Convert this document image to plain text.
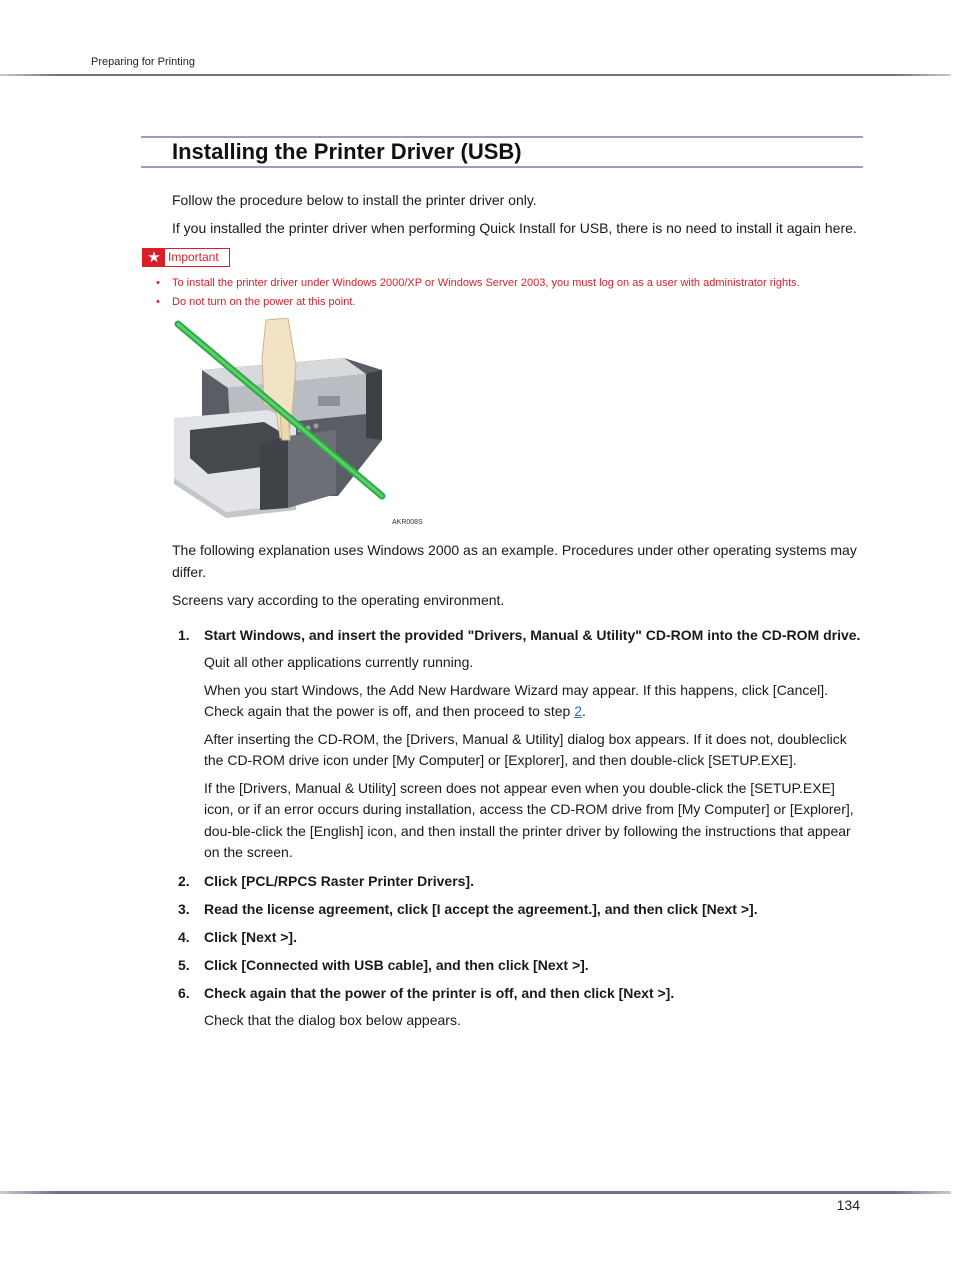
Preparing for Printing
Installing the Printer Driver (USB)

Follow the procedure below to install the printer driver only.

If you installed the printer driver when performing Quick Install for USB, there is no need to install it again here.

★ Important
• To install the printer driver under Windows 2000/XP or Windows Server 2003, you must log on as a user with administrator rights.
• Do not turn on the power at this point.
AKR008S

The following explanation uses Windows 2000 as an example. Procedures under other operating systems may differ.

Screens vary according to the operating environment.

1. Start Windows, and insert the provided "Drivers, Manual & Utility" CD-ROM into the CD-ROM drive.

Quit all other applications currently running.

When you start Windows, the Add New Hardware Wizard may appear. If this happens, click [Cancel]. Check again that the power is off, and then proceed to step 2.

After inserting the CD-ROM, the [Drivers, Manual & Utility] dialog box appears. If it does not, doubleclick the CD-ROM drive icon under [My Computer] or [Explorer], and then double-click [SETUP.EXE].

If the [Drivers, Manual & Utility] screen does not appear even when you double-click the [SETUP.EXE] icon, or if an error occurs during installation, access the CD-ROM drive from [My Computer] or [Explorer], dou-ble-click the [English] icon, and then install the printer driver by following the instructions that appear on the screen.

2. Click [PCL/RPCS Raster Printer Drivers].

3. Read the license agreement, click [I accept the agreement.], and then click [Next >].

4. Click [Next >].

5. Click [Connected with USB cable], and then click [Next >].

6. Check again that the power of the printer is off, and then click [Next >].

Check that the dialog box below appears.

134
